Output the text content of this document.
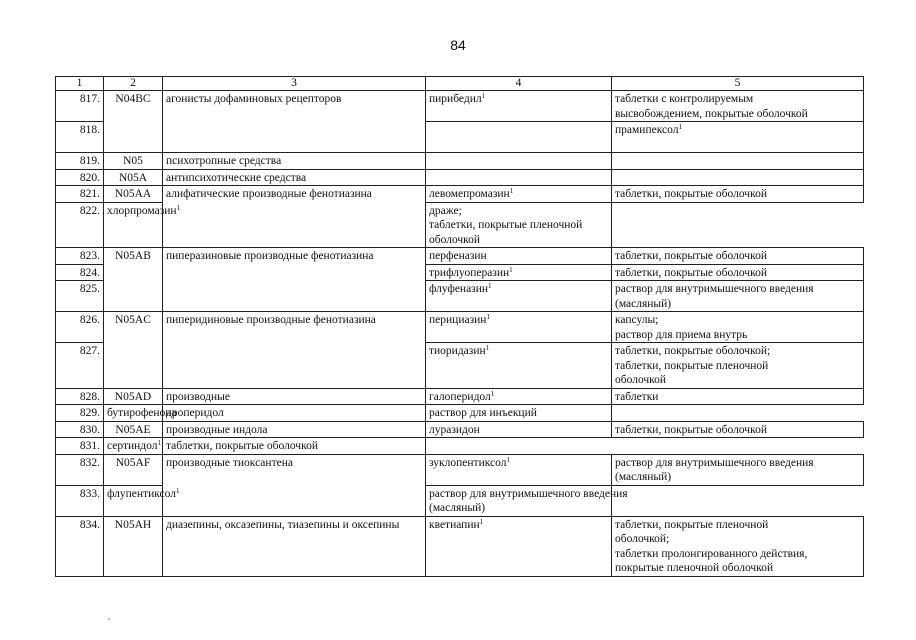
84
1	2	3	4	5	
817.	N04BC	агонисты дофаминовых рецепторов	пирибедил$^1$	таблетки с контролируемым
высвобождением, покрытые оболочкой	

818.				прамипексол$^1$	

819.	N05	психотропные средства			

820.	N05A	антипсихотические средства			

821.	N05AA	алифатические производные фенотиазина	левомепромазин$^1$	таблетки, покрытые оболочкой	

822.	хлорпромазин$^1$		драже;
таблетки, покрытые пленочной
оболочкой		

823.	N05AB	пиперазиновые производные фенотиазина	перфеназин	таблетки, покрытые оболочкой	

824.			трифлуоперазин$^1$	таблетки, покрытые оболочкой	

825.			флуфеназин$^1$	раствор для внутримышечного введения
(масляный)	

826.	N05AC	пиперидиновые производные фенотиазина	перициазин$^1$	капсулы;
раствор для приема внутрь	

827.			тиоридазин$^1$	таблетки, покрытые оболочкой;
таблетки, покрытые пленочной
оболочкой	

828.	N05AD	производные	галоперидол$^1$	таблетки	

829.	бутирофенона	дроперидол	раствор для инъекций		

830.	N05AE	производные индола	луразидон	таблетки, покрытые оболочкой	

831.	сертиндол$^1$	таблетки, покрытые оболочкой			

832.	N05AF	производные тиоксантена	зуклопентиксол$^1$	раствор для внутримышечного введения
(масляный)	

833.	флупентиксол$^1$		раствор для внутримышечного введения
(масляный)		

834.	N05AH	диазепины, оксазепины, тиазепины и оксепины	кветиапин$^1$	таблетки, покрытые пленочной
оболочкой;
таблетки пролонгированного действия,
покрытые пленочной оболочкой	
